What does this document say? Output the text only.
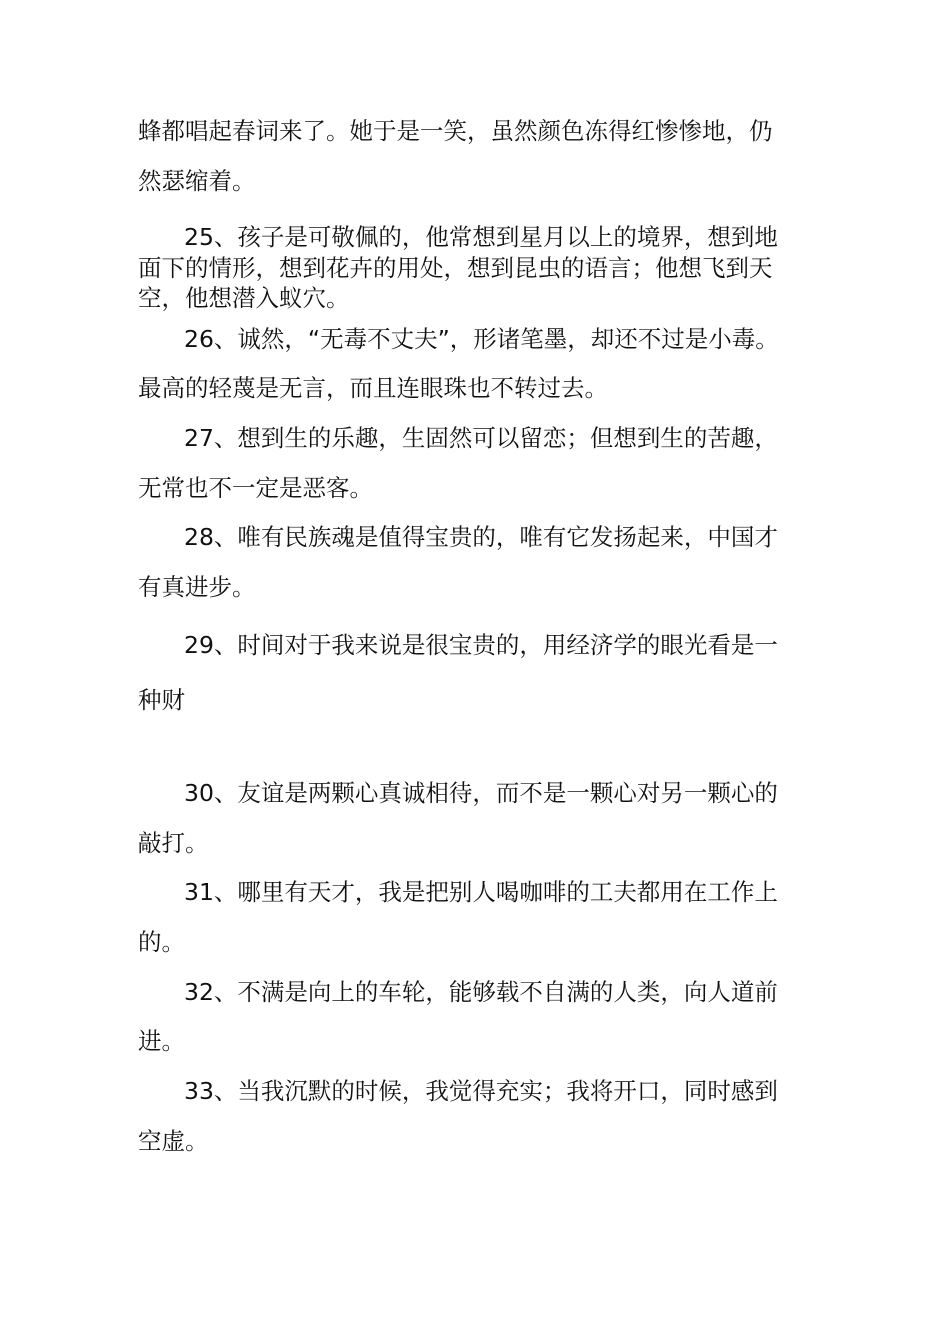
蜂都唱起春词来了。她于是一笑，虽然颜色冻得红惨惨地，仍

然瑟缩着。

25、孩子是可敬佩的，他常想到星月以上的境界，想到地

面下的情形，想到花卉的用处，想到昆虫的语言；他想飞到天

空，他想潜入蚁穴。

26、诚然，“无毒不丈夫”，形诸笔墨，却还不过是小毒。

最高的轻蔑是无言，而且连眼珠也不转过去。

27、想到生的乐趣，生固然可以留恋；但想到生的苦趣，

无常也不一定是恶客。

28、唯有民族魂是值得宝贵的，唯有它发扬起来，中国才

有真进步。

29、时间对于我来说是很宝贵的，用经济学的眼光看是一

种财

30、友谊是两颗心真诚相待，而不是一颗心对另一颗心的

敲打。

31、哪里有天才，我是把别人喝咖啡的工夫都用在工作上

的。

32、不满是向上的车轮，能够载不自满的人类，向人道前

进。

33、当我沉默的时候，我觉得充实；我将开口，同时感到

空虚。
